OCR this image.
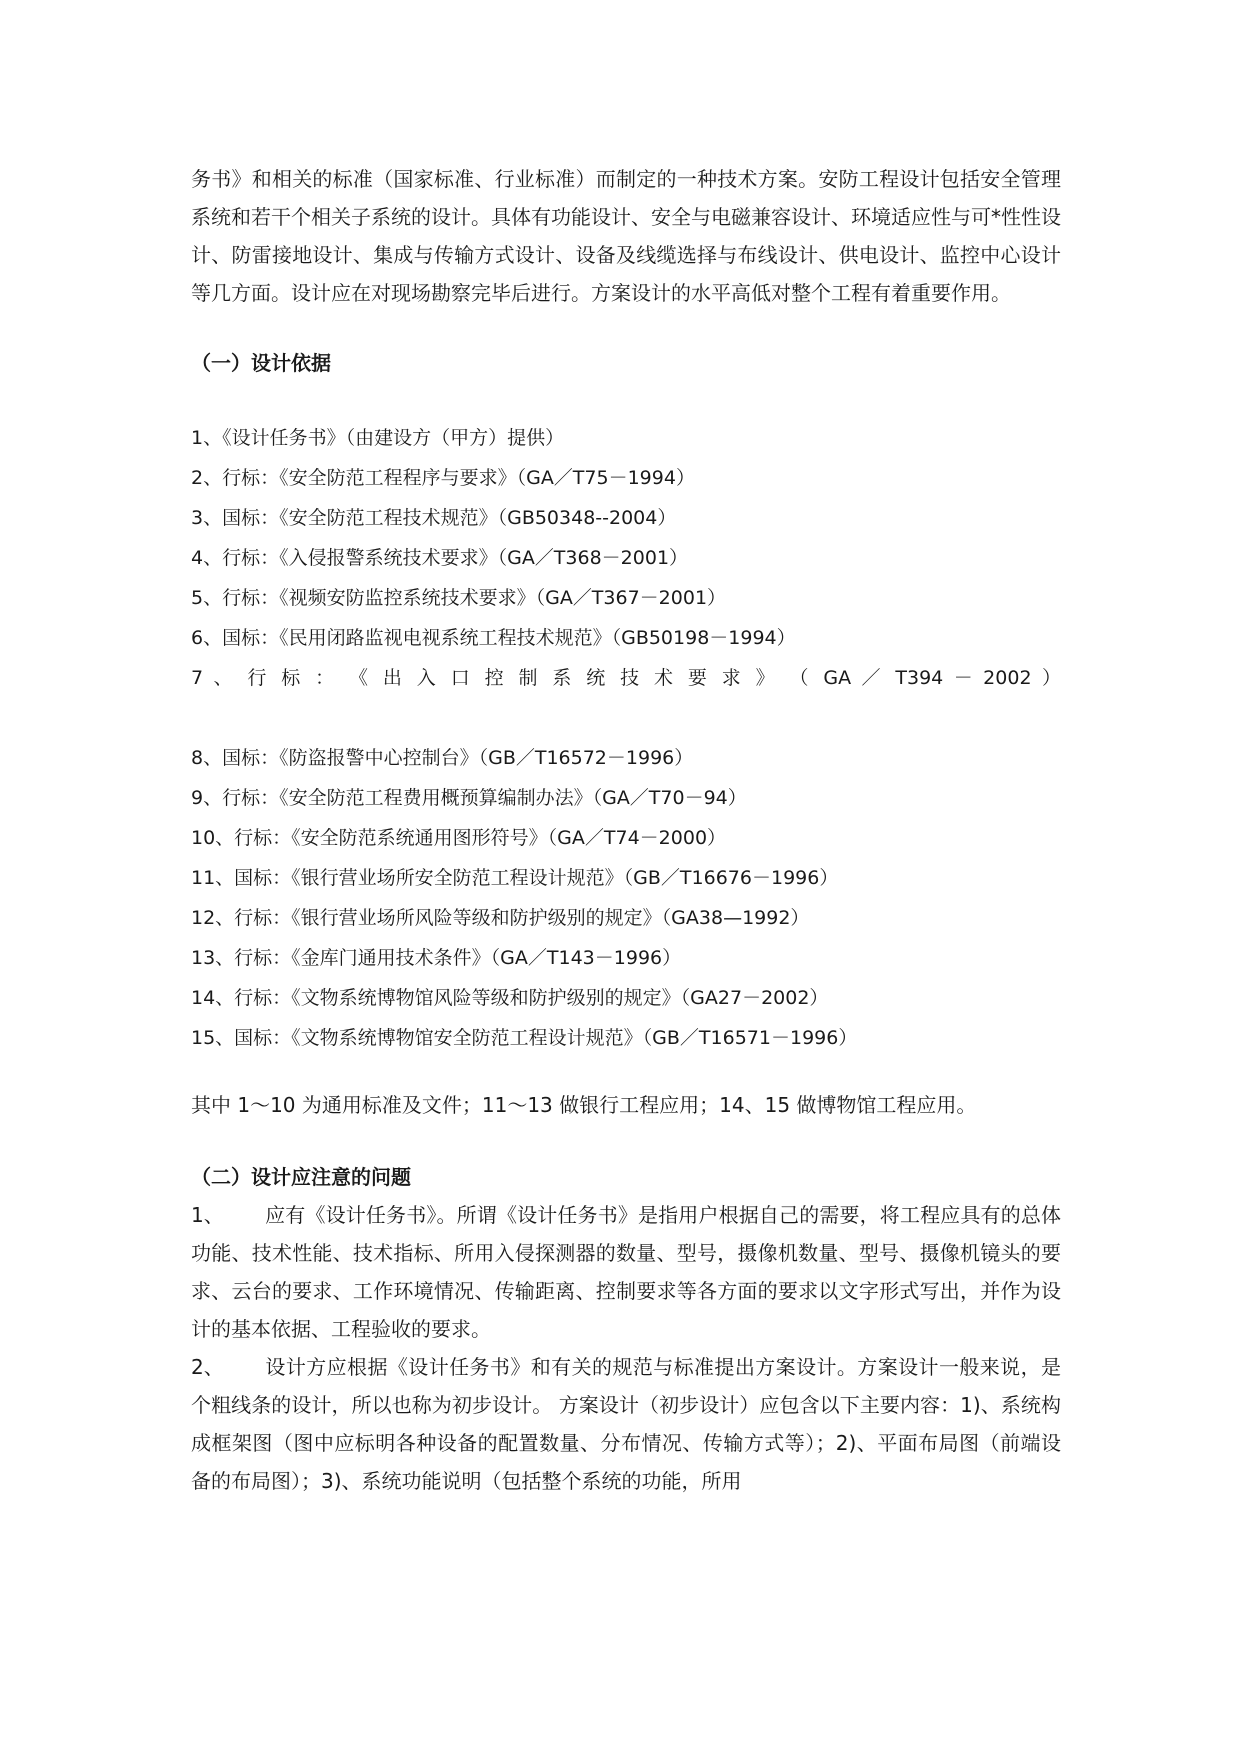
务书》和相关的标准（国家标准、行业标准）而制定的一种技术方案。安防工程设计包括安全管理系统和若干个相关子系统的设计。具体有功能设计、安全与电磁兼容设计、环境适应性与可*性性设计、防雷接地设计、集成与传输方式设计、设备及线缆选择与布线设计、供电设计、监控中心设计等几方面。设计应在对现场勘察完毕后进行。方案设计的水平高低对整个工程有着重要作用。

（一）设计依据
1、《设计任务书》（由建设方（甲方）提供）
2、行标：《安全防范工程程序与要求》（GA／T75－1994）
3、国标：《安全防范工程技术规范》（GB50348--2004）
4、行标：《入侵报警系统技术要求》（GA／T368－2001）
5、行标：《视频安防监控系统技术要求》（GA／T367－2001）
6、国标：《民用闭路监视电视系统工程技术规范》（GB50198－1994）
7 、 行 标 ： 《 出 入 口 控 制 系 统 技 术 要 求 》 （ GA ／ T394 － 2002 ）
8、国标：《防盗报警中心控制台》（GB／T16572－1996）
9、行标：《安全防范工程费用概预算编制办法》（GA／T70－94）
10、行标：《安全防范系统通用图形符号》（GA／T74－2000）
11、国标：《银行营业场所安全防范工程设计规范》（GB／T16676－1996）
12、行标：《银行营业场所风险等级和防护级别的规定》（GA38—1992）
13、行标：《金库门通用技术条件》（GA／T143－1996）
14、行标：《文物系统博物馆风险等级和防护级别的规定》（GA27－2002）
15、国标：《文物系统博物馆安全防范工程设计规范》（GB／T16571－1996）

其中 1～10 为通用标准及文件；11～13 做银行工程应用；14、15 做博物馆工程应用。

（二）设计应注意的问题

1、 应有《设计任务书》。所谓《设计任务书》是指用户根据自己的需要，将工程应具有的总体功能、技术性能、技术指标、所用入侵探测器的数量、型号，摄像机数量、型号、摄像机镜头的要求、云台的要求、工作环境情况、传输距离、控制要求等各方面的要求以文字形式写出，并作为设计的基本依据、工程验收的要求。

2、 设计方应根据《设计任务书》和有关的规范与标准提出方案设计。方案设计一般来说，是个粗线条的设计，所以也称为初步设计。 方案设计（初步设计）应包含以下主要内容：1)、系统构成框架图（图中应标明各种设备的配置数量、分布情况、传输方式等）；2)、平面布局图（前端设备的布局图）；3)、系统功能说明（包括整个系统的功能，所用
